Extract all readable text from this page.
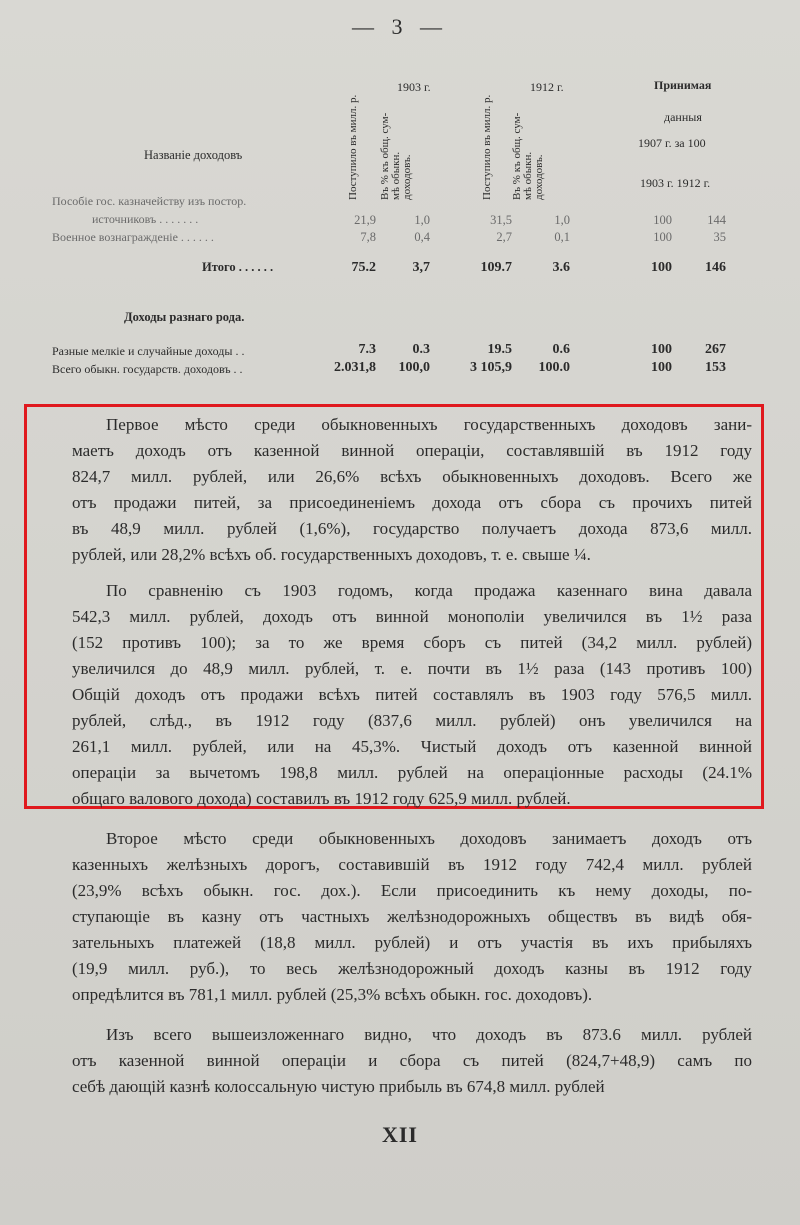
— 3 —
1903 г.	1912 г.	Принимая
данныя
1907 г. за 100
1903 г. 1912 г.
Названіе доходовъ	Поступило въ милл. р. Въ % къ общ. сум- мѣ обыкн. доходовъ.	Поступило въ милл. р. Въ % къ общ. сум- мѣ обыкн. доходовъ.
Пособіе гос. казначейству изъ постор.
источниковъ . . . . . . .	21,9	1,0	31,5	1,0	100	144
Военное вознагражденіе . . . . . .	7,8	0,4	2,7	0,1	100	35
Итого . . . . . .	75.2	3,7	109.7	3.6	100	146
Доходы разнаго рода.
Разные мелкіе и случайные доходы . .	7.3	0.3	19.5	0.6	100	267
Всего обыкн. государств. доходовъ . .	2.031,8	100,0	3 105,9	100.0	100	153
Первое мѣсто среди обыкновенныхъ государственныхъ доходовъ зани-
маетъ доходъ отъ казенной винной операціи, составлявшій въ 1912 году
824,7 милл. рублей, или 26,6% всѣхъ обыкновенныхъ доходовъ. Всего же
отъ продажи питей, за присоединеніемъ дохода отъ сбора съ прочихъ питей
въ 48,9 милл. рублей (1,6%), государство получаетъ дохода 873,6 милл.
рублей, или 28,2% всѣхъ об. государственныхъ доходовъ, т. е. свыше ¼.
По сравненію съ 1903 годомъ, когда продажа казеннаго вина давала
542,3 милл. рублей, доходъ отъ винной монополіи увеличился въ 1½ раза
(152 противъ 100); за то же время сборъ съ питей (34,2 милл. рублей)
увеличился до 48,9 милл. рублей, т. е. почти въ 1½ раза (143 противъ 100)
Общій доходъ отъ продажи всѣхъ питей составлялъ въ 1903 году 576,5 милл.
рублей, слѣд., въ 1912 году (837,6 милл. рублей) онъ увеличился на
261,1 милл. рублей, или на 45,3%. Чистый доходъ отъ казенной винной
операціи за вычетомъ 198,8 милл. рублей на операціонные расходы (24.1%
общаго валового дохода) составилъ въ 1912 году 625,9 милл. рублей.
Второе мѣсто среди обыкновенныхъ доходовъ занимаетъ доходъ отъ
казенныхъ желѣзныхъ дорогъ, составившій въ 1912 году 742,4 милл. рублей
(23,9% всѣхъ обыкн. гос. дох.). Если присоединить къ нему доходы, по-
ступающіе въ казну отъ частныхъ желѣзнодорожныхъ обществъ въ видѣ обя-
зательныхъ платежей (18,8 милл. рублей) и отъ участія въ ихъ прибыляхъ
(19,9 милл. руб.), то весь желѣзнодорожный доходъ казны въ 1912 году
опредѣлится въ 781,1 милл. рублей (25,3% всѣхъ обыкн. гос. доходовъ).
Изъ всего вышеизложеннаго видно, что доходъ въ 873.6 милл. рублей
отъ казенной винной операціи и сбора съ питей (824,7+48,9) самъ по
себѣ дающій казнѣ колоссальную чистую прибыль въ 674,8 милл. рублей
XII
